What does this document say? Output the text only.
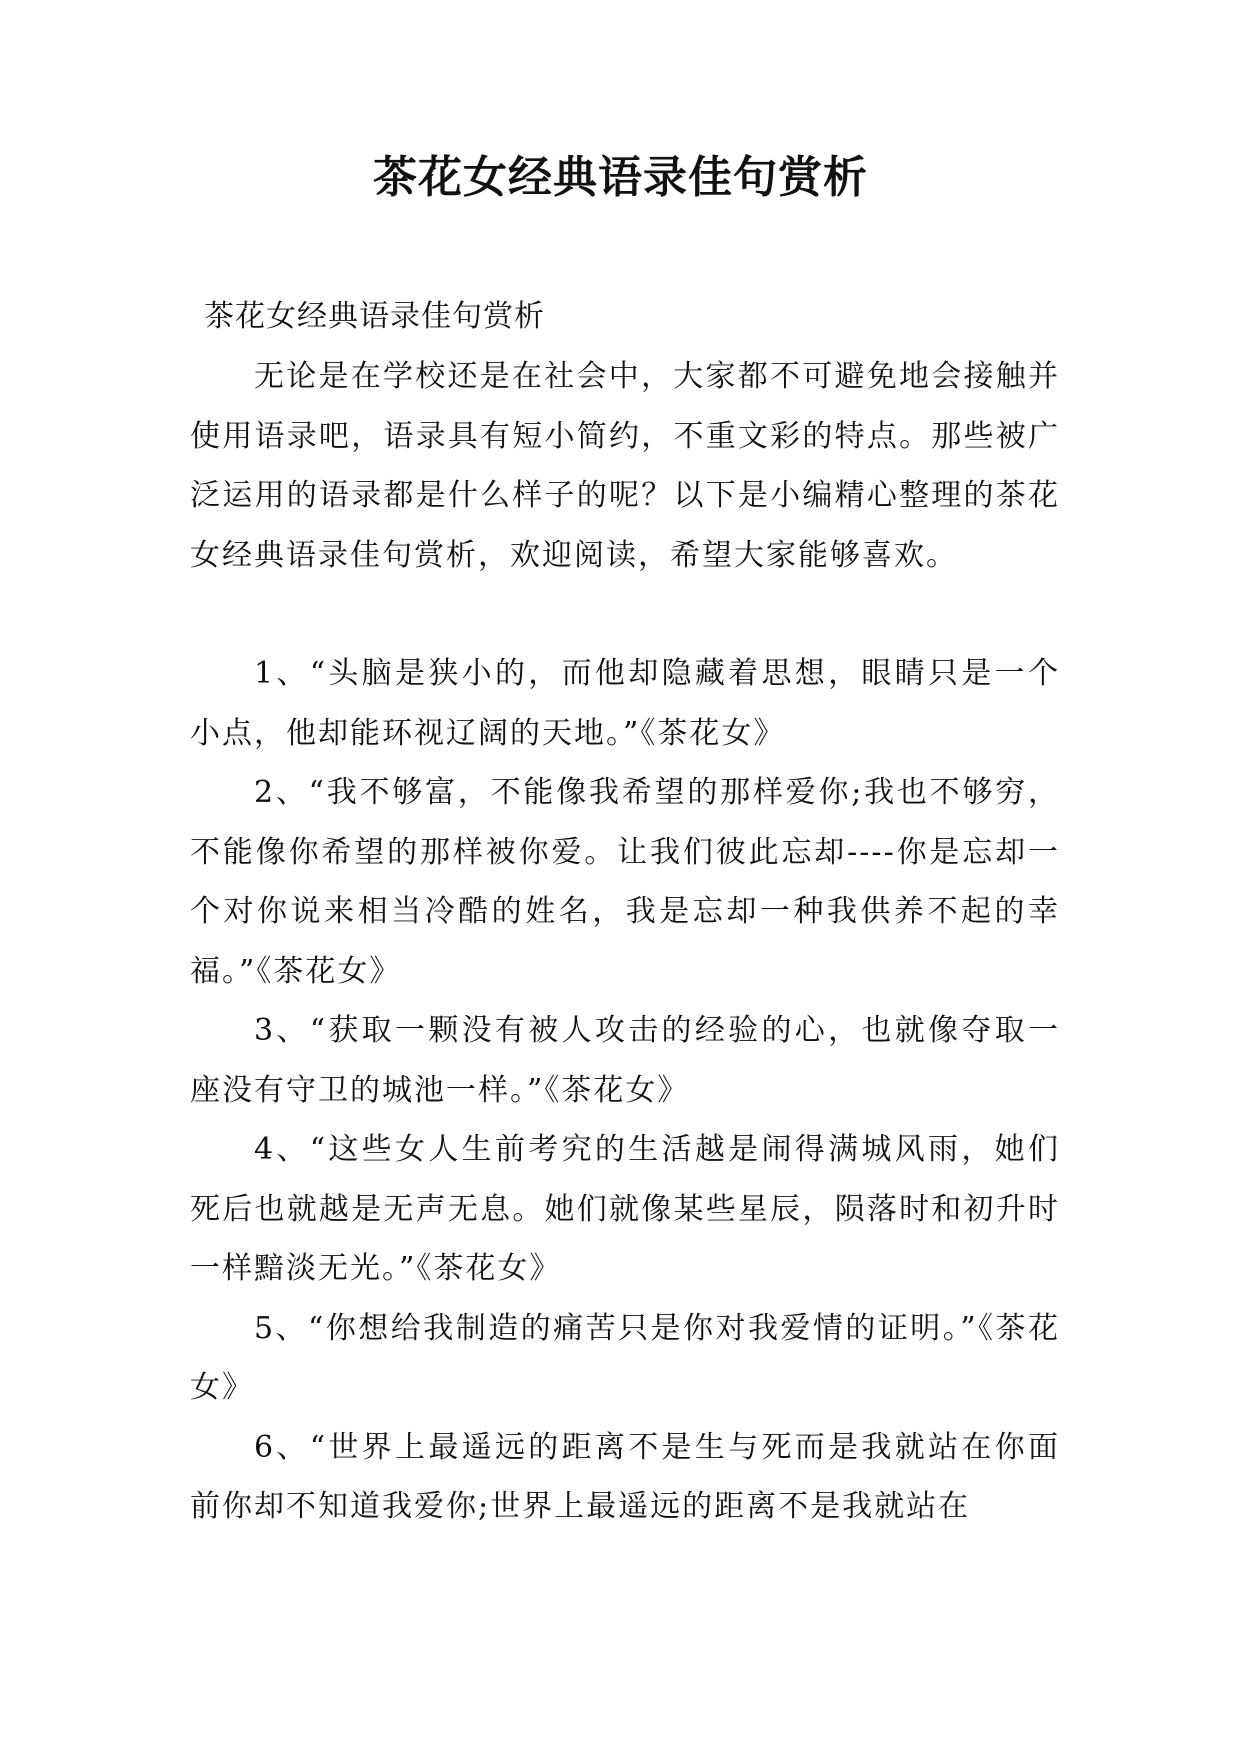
茶花女经典语录佳句赏析

茶花女经典语录佳句赏析

无论是在学校还是在社会中，大家都不可避免地会接触并使用语录吧，语录具有短小简约，不重文彩的特点。那些被广泛运用的语录都是什么样子的呢？以下是小编精心整理的茶花女经典语录佳句赏析，欢迎阅读，希望大家能够喜欢。

1、“头脑是狭小的，而他却隐藏着思想，眼睛只是一个小点，他却能环视辽阔的天地。”《茶花女》

2、“我不够富，不能像我希望的那样爱你;我也不够穷，不能像你希望的那样被你爱。让我们彼此忘却----你是忘却一个对你说来相当冷酷的姓名，我是忘却一种我供养不起的幸福。”《茶花女》

3、“获取一颗没有被人攻击的经验的心，也就像夺取一座没有守卫的城池一样。”《茶花女》

4、“这些女人生前考究的生活越是闹得满城风雨，她们死后也就越是无声无息。她们就像某些星辰，陨落时和初升时一样黯淡无光。”《茶花女》

5、“你想给我制造的痛苦只是你对我爱情的证明。”《茶花女》

6、“世界上最遥远的距离不是生与死而是我就站在你面前你却不知道我爱你;世界上最遥远的距离不是我就站在
